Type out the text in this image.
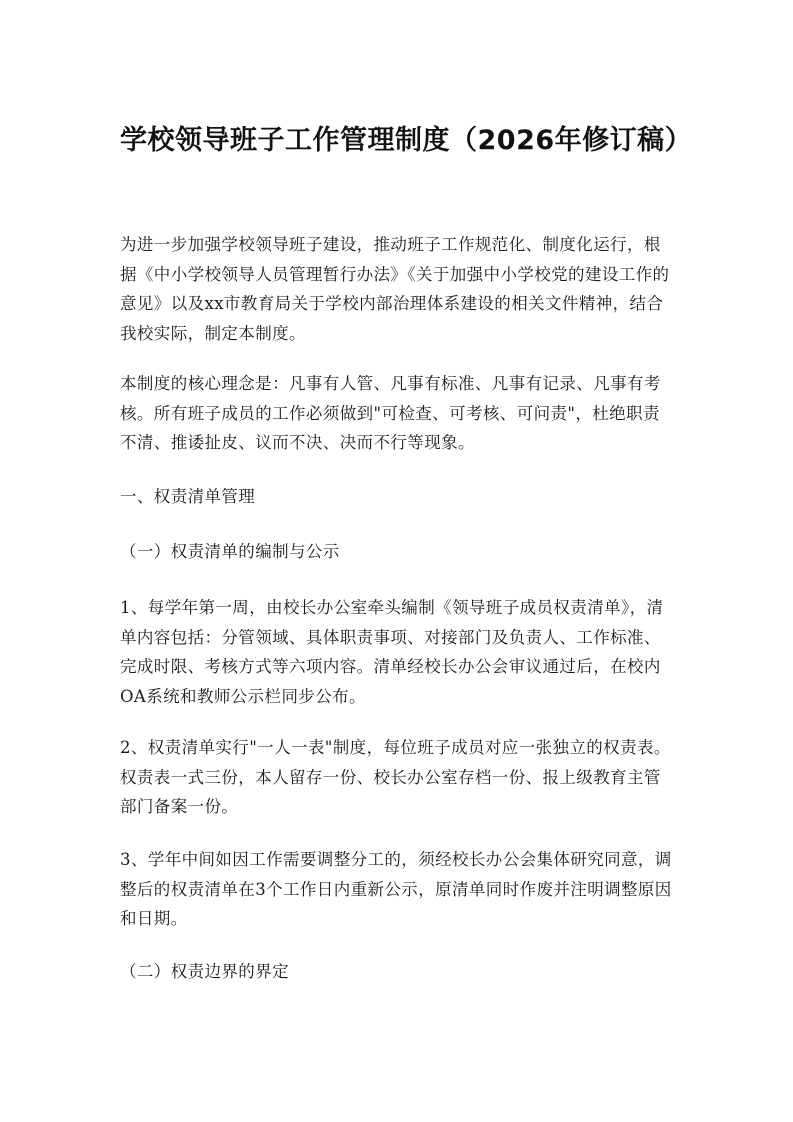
学校领导班子工作管理制度（2026年修订稿）

为进一步加强学校领导班子建设，推动班子工作规范化、制度化运行，根据《中小学校领导人员管理暂行办法》《关于加强中小学校党的建设工作的意见》以及xx市教育局关于学校内部治理体系建设的相关文件精神，结合我校实际，制定本制度。

本制度的核心理念是：凡事有人管、凡事有标准、凡事有记录、凡事有考核。所有班子成员的工作必须做到"可检查、可考核、可问责"，杜绝职责不清、推诿扯皮、议而不决、决而不行等现象。

一、权责清单管理

（一）权责清单的编制与公示

1、每学年第一周，由校长办公室牵头编制《领导班子成员权责清单》，清单内容包括：分管领域、具体职责事项、对接部门及负责人、工作标准、完成时限、考核方式等六项内容。清单经校长办公会审议通过后，在校内OA系统和教师公示栏同步公布。

2、权责清单实行"一人一表"制度，每位班子成员对应一张独立的权责表。权责表一式三份，本人留存一份、校长办公室存档一份、报上级教育主管部门备案一份。

3、学年中间如因工作需要调整分工的，须经校长办公会集体研究同意，调整后的权责清单在3个工作日内重新公示，原清单同时作废并注明调整原因和日期。

（二）权责边界的界定
